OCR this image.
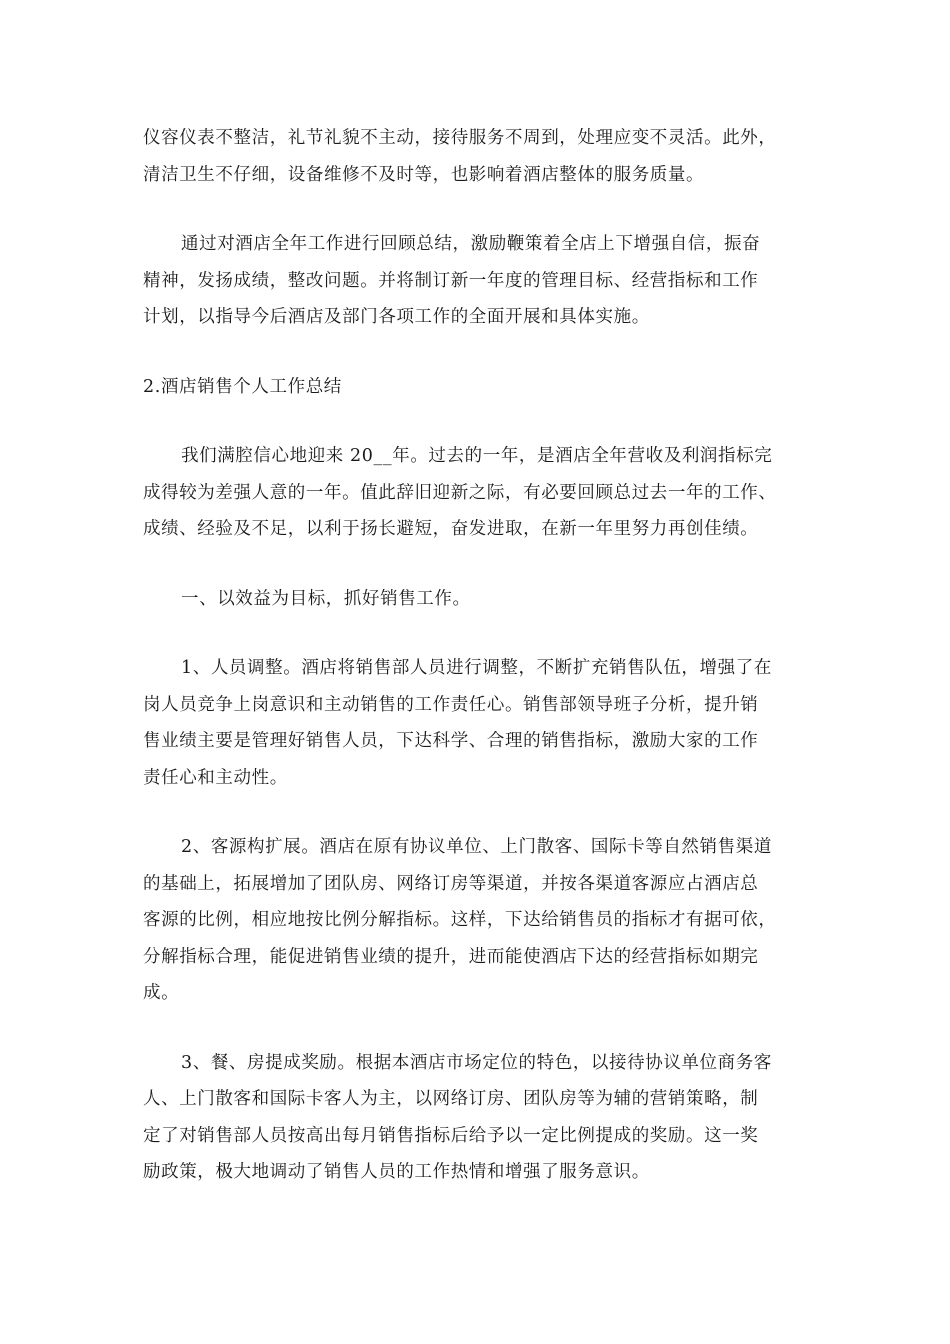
仪容仪表不整洁，礼节礼貌不主动，接待服务不周到，处理应变不灵活。此外，
清洁卫生不仔细，设备维修不及时等，也影响着酒店整体的服务质量。

通过对酒店全年工作进行回顾总结，激励鞭策着全店上下增强自信，振奋
精神，发扬成绩，整改问题。并将制订新一年度的管理目标、经营指标和工作
计划，以指导今后酒店及部门各项工作的全面开展和具体实施。

2.酒店销售个人工作总结

我们满腔信心地迎来 20__年。过去的一年，是酒店全年营收及利润指标完
成得较为差强人意的一年。值此辞旧迎新之际，有必要回顾总过去一年的工作、
成绩、经验及不足，以利于扬长避短，奋发进取，在新一年里努力再创佳绩。

一、以效益为目标，抓好销售工作。

1、人员调整。酒店将销售部人员进行调整，不断扩充销售队伍，增强了在
岗人员竞争上岗意识和主动销售的工作责任心。销售部领导班子分析，提升销
售业绩主要是管理好销售人员，下达科学、合理的销售指标，激励大家的工作
责任心和主动性。

2、客源构扩展。酒店在原有协议单位、上门散客、国际卡等自然销售渠道
的基础上，拓展增加了团队房、网络订房等渠道，并按各渠道客源应占酒店总
客源的比例，相应地按比例分解指标。这样，下达给销售员的指标才有据可依，
分解指标合理，能促进销售业绩的提升，进而能使酒店下达的经营指标如期完
成。

3、餐、房提成奖励。根据本酒店市场定位的特色，以接待协议单位商务客
人、上门散客和国际卡客人为主，以网络订房、团队房等为辅的营销策略，制
定了对销售部人员按高出每月销售指标后给予以一定比例提成的奖励。这一奖
励政策，极大地调动了销售人员的工作热情和增强了服务意识。
